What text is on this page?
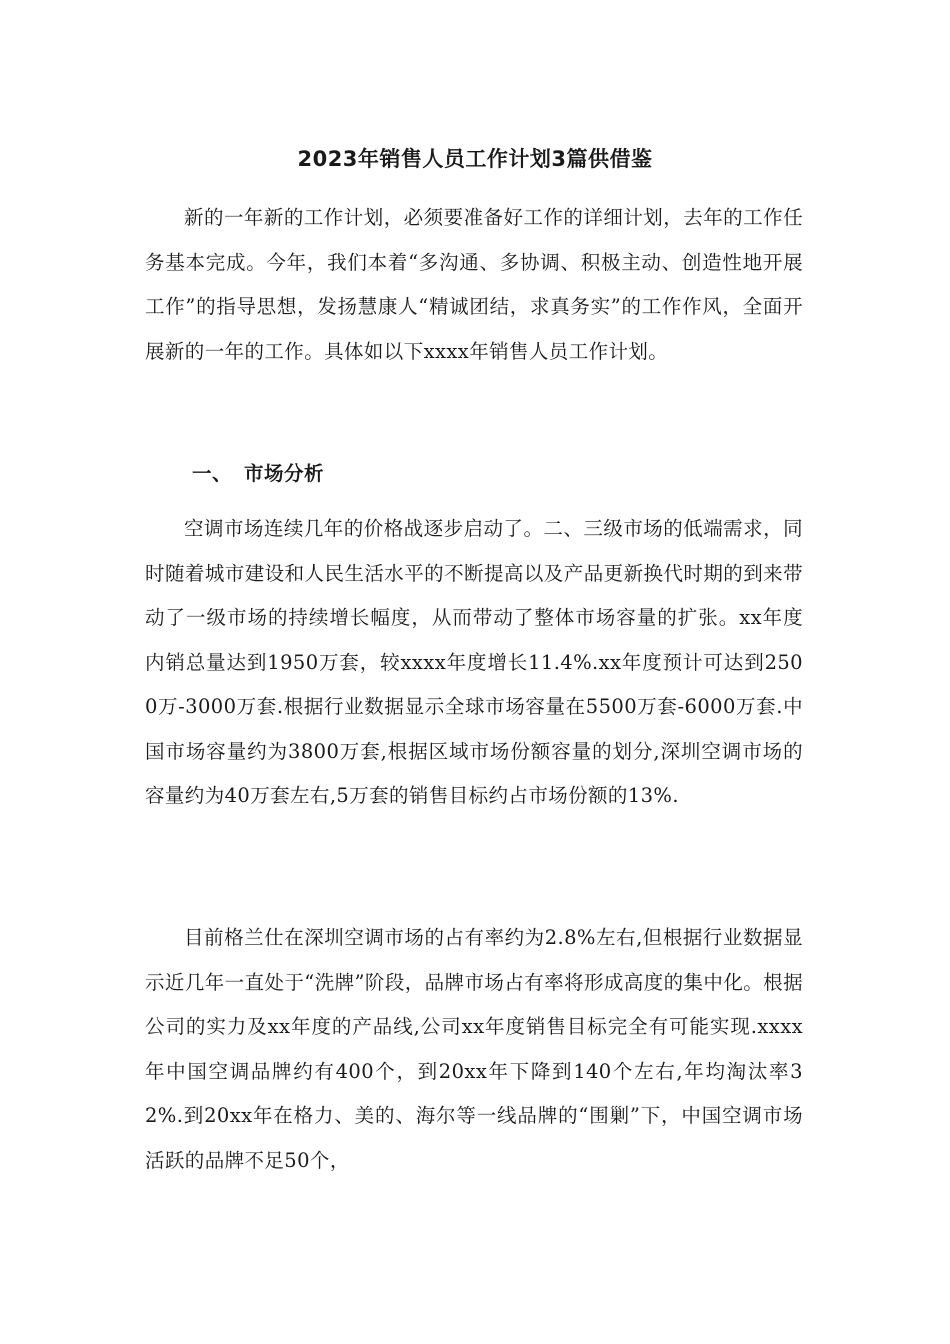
2023年销售人员工作计划3篇供借鉴

新的一年新的工作计划，必须要准备好工作的详细计划，去年的工作任务基本完成。今年，我们本着“多沟通、多协调、积极主动、创造性地开展工作”的指导思想，发扬慧康人“精诚团结，求真务实”的工作作风，全面开展新的一年的工作。具体如以下xxxx年销售人员工作计划。

一、 市场分析

空调市场连续几年的价格战逐步启动了。二、三级市场的低端需求，同时随着城市建设和人民生活水平的不断提高以及产品更新换代时期的到来带动了一级市场的持续增长幅度，从而带动了整体市场容量的扩张。xx年度内销总量达到1950万套，较xxxx年度增长11.4%.xx年度预计可达到2500万-3000万套.根据行业数据显示全球市场容量在5500万套-6000万套.中国市场容量约为3800万套,根据区域市场份额容量的划分,深圳空调市场的容量约为40万套左右,5万套的销售目标约占市场份额的13%.

目前格兰仕在深圳空调市场的占有率约为2.8%左右,但根据行业数据显示近几年一直处于“洗牌”阶段，品牌市场占有率将形成高度的集中化。根据公司的实力及xx年度的产品线,公司xx年度销售目标完全有可能实现.xxxx年中国空调品牌约有400个，到20xx年下降到140个左右,年均淘汰率32%.到20xx年在格力、美的、海尔等一线品牌的“围剿”下，中国空调市场活跃的品牌不足50个，
